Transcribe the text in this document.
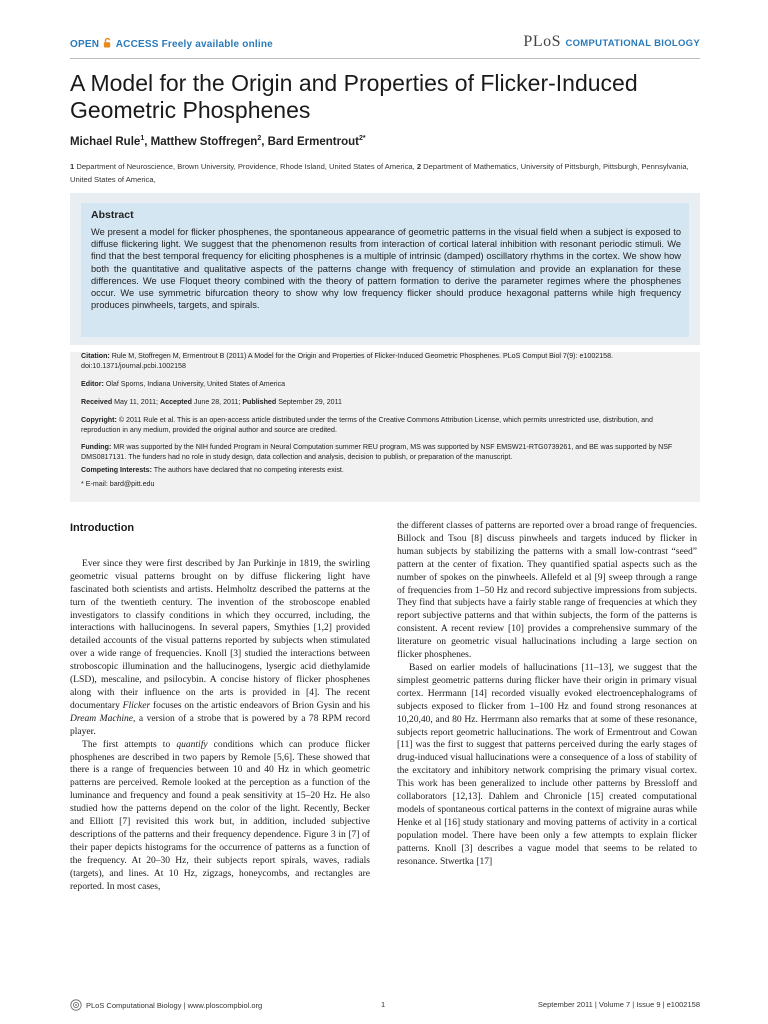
OPEN ACCESS Freely available online	PLoS COMPUTATIONAL BIOLOGY
A Model for the Origin and Properties of Flicker-Induced Geometric Phosphenes
Michael Rule$^1$, Matthew Stoffregen$^2$, Bard Ermentrout$^{2*}$
1 Department of Neuroscience, Brown University, Providence, Rhode Island, United States of America, 2 Department of Mathematics, University of Pittsburgh, Pittsburgh, Pennsylvania, United States of America,
Abstract
We present a model for flicker phosphenes, the spontaneous appearance of geometric patterns in the visual field when a subject is exposed to diffuse flickering light. We suggest that the phenomenon results from interaction of cortical lateral inhibition with resonant periodic stimuli. We find that the best temporal frequency for eliciting phosphenes is a multiple of intrinsic (damped) oscillatory rhythms in the cortex. We show how both the quantitative and qualitative aspects of the patterns change with frequency of stimulation and provide an explanation for these differences. We use Floquet theory combined with the theory of pattern formation to derive the parameter regimes where the phosphenes occur. We use symmetric bifurcation theory to show why low frequency flicker should produce hexagonal patterns while high frequency produces pinwheels, targets, and spirals.

Citation: Rule M, Stoffregen M, Ermentrout B (2011) A Model for the Origin and Properties of Flicker-Induced Geometric Phosphenes. PLoS Comput Biol 7(9): e1002158. doi:10.1371/journal.pcbi.1002158

Editor: Olaf Sporns, Indiana University, United States of America

Received May 11, 2011; Accepted June 28, 2011; Published September 29, 2011

Copyright: © 2011 Rule et al. This is an open-access article distributed under the terms of the Creative Commons Attribution License, which permits unrestricted use, distribution, and reproduction in any medium, provided the original author and source are credited.

Funding: MR was supported by the NIH funded Program in Neural Computation summer REU program, MS was supported by NSF EMSW21-RTG0739261, and BE was supported by NSF DMS0817131. The funders had no role in study design, data collection and analysis, decision to publish, or preparation of the manuscript.

Competing Interests: The authors have declared that no competing interests exist.

* E-mail: bard@pitt.edu

Introduction

Ever since they were first described by Jan Purkinje in 1819, the swirling geometric visual patterns brought on by diffuse flickering light have fascinated both scientists and artists. Helmholtz described the patterns at the turn of the twentieth century. The invention of the stroboscope enabled investigators to classify conditions in which they occurred, including, the interactions with hallucinogens. In several papers, Smythies [1,2] provided detailed accounts of the visual patterns reported by subjects when stimulated over a wide range of frequencies. Knoll [3] studied the interactions between stroboscopic illumination and the hallucinogens, lysergic acid diethylamide (LSD), mescaline, and psilocybin. A concise history of flicker phosphenes along with their influence on the arts is provided in [4]. The recent documentary Flicker focuses on the artistic endeavors of Brion Gysin and his Dream Machine, a version of a strobe that is powered by a 78 RPM record player.

The first attempts to quantify conditions which can produce flicker phosphenes are described in two papers by Remole [5,6]. These showed that there is a range of frequencies between 10 and 40 Hz in which geometric patterns are perceived. Remole looked at the perception as a function of the luminance and frequency and found a peak sensitivity at 15–20 Hz. He also studied how the patterns depend on the color of the light. Recently, Becker and Elliott [7] revisited this work but, in addition, included subjective descriptions of the patterns and their frequency dependence. Figure 3 in [7] of their paper depicts histograms for the occurrence of patterns as a function of the frequency. At 20–30 Hz, their subjects report spirals, waves, radials (targets), and lines. At 10 Hz, zigzags, honeycombs, and rectangles are reported. In most cases,

the different classes of patterns are reported over a broad range of frequencies. Billock and Tsou [8] discuss pinwheels and targets induced by flicker in human subjects by stabilizing the patterns with a small low-contrast “seed” pattern at the center of fixation. They quantified spatial aspects such as the number of spokes on the pinwheels. Allefeld et al [9] sweep through a range of frequencies from 1–50 Hz and record subjective impressions from subjects. They find that subjects have a fairly stable range of frequencies at which they report subjective patterns and that within subjects, the form of the patterns is consistent. A recent review [10] provides a comprehensive summary of the literature on geometric visual hallucinations including a large section on flicker phosphenes.

Based on earlier models of hallucinations [11–13], we suggest that the simplest geometric patterns during flicker have their origin in primary visual cortex. Herrmann [14] recorded visually evoked electroencephalograms of subjects exposed to flicker from 1–100 Hz and found strong resonances at 10,20,40, and 80 Hz. Herrmann also remarks that at some of these resonance, subjects report geometric hallucinations. The work of Ermentrout and Cowan [11] was the first to suggest that patterns perceived during the early stages of drug-induced visual hallucinations were a consequence of a loss of stability of the excitatory and inhibitory network comprising the primary visual cortex. This work has been generalized to include other patterns by Bressloff and collaborators [12,13]. Dahlem and Chronicle [15] created computational models of spontaneous cortical patterns in the context of migraine auras while Henke et al [16] study stationary and moving patterns of activity in a cortical population model. There have been only a few attempts to explain flicker patterns. Knoll [3] describes a vague model that seems to be related to resonance. Stwertka [17]

PLoS Computational Biology | www.ploscompbiol.org	1	September 2011 | Volume 7 | Issue 9 | e1002158
